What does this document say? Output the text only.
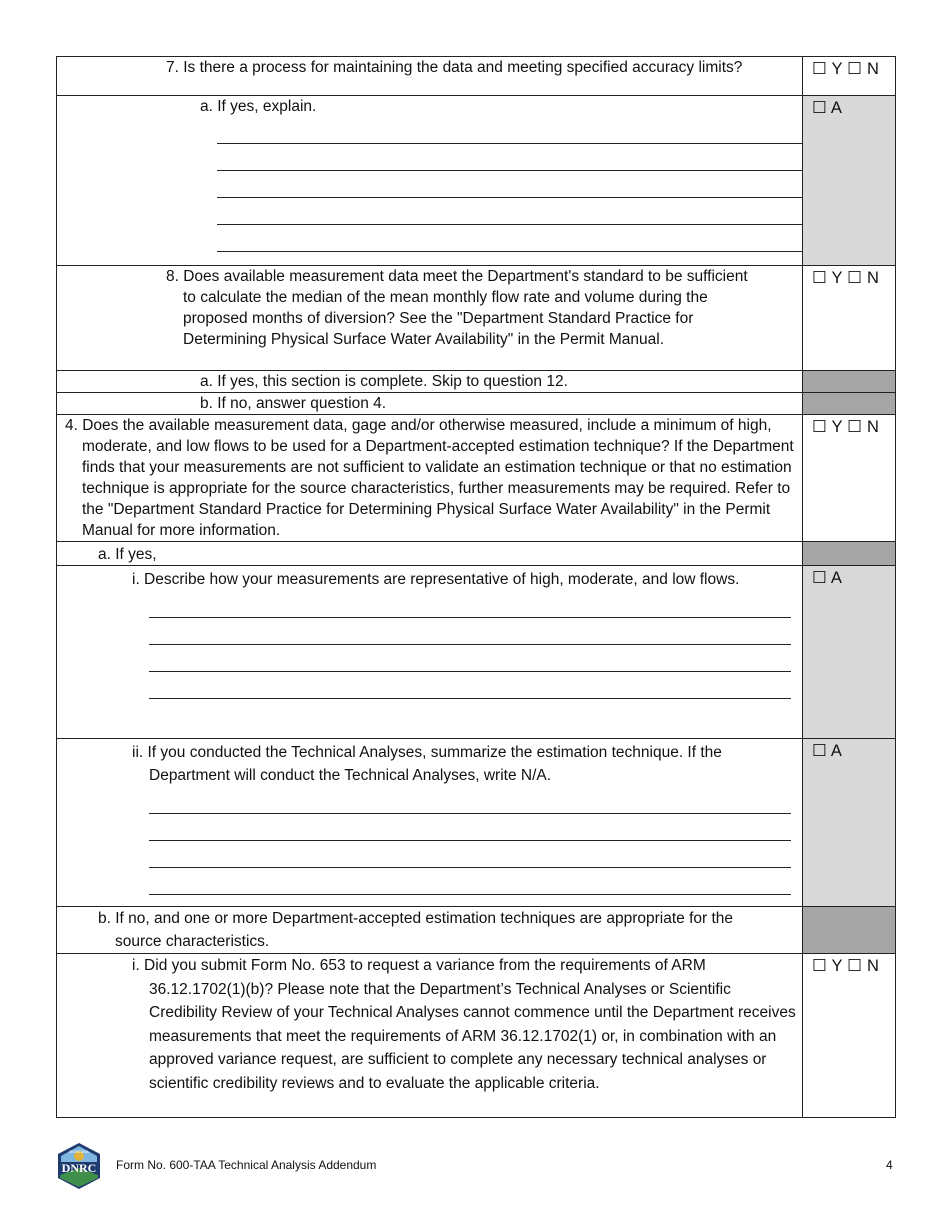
7. Is there a process for maintaining the data and meeting specified accuracy limits?	☐ Y ☐ N

a. If yes, explain.	☐ A

8. Does available measurement data meet the Department's standard to be sufficient to calculate the median of the mean monthly flow rate and volume during the proposed months of diversion? See the "Department Standard Practice for Determining Physical Surface Water Availability" in the Permit Manual.	☐ Y ☐ N

a. If yes, this section is complete. Skip to question 12.	

b. If no, answer question 4.	

4. Does the available measurement data, gage and/or otherwise measured, include a minimum of high, moderate, and low flows to be used for a Department-accepted estimation technique? If the Department finds that your measurements are not sufficient to validate an estimation technique or that no estimation technique is appropriate for the source characteristics, further measurements may be required. Refer to the "Department Standard Practice for Determining Physical Surface Water Availability" in the Permit Manual for more information.	☐ Y ☐ N

a. If yes,	

i. Describe how your measurements are representative of high, moderate, and low flows.	☐ A

ii. If you conducted the Technical Analyses, summarize the estimation technique. If the Department will conduct the Technical Analyses, write N/A.	☐ A

b. If no, and one or more Department-accepted estimation techniques are appropriate for the source characteristics.	

i. Did you submit Form No. 653 to request a variance from the requirements of ARM 36.12.1702(1)(b)? Please note that the Department’s Technical Analyses or Scientific Credibility Review of your Technical Analyses cannot commence until the Department receives measurements that meet the requirements of ARM 36.12.1702(1) or, in combination with an approved variance request, are sufficient to complete any necessary technical analyses or scientific credibility reviews and to evaluate the applicable criteria.	☐ Y ☐ N
MONTANA
DNRC Form No. 600-TAA Technical Analysis Addendum	4
